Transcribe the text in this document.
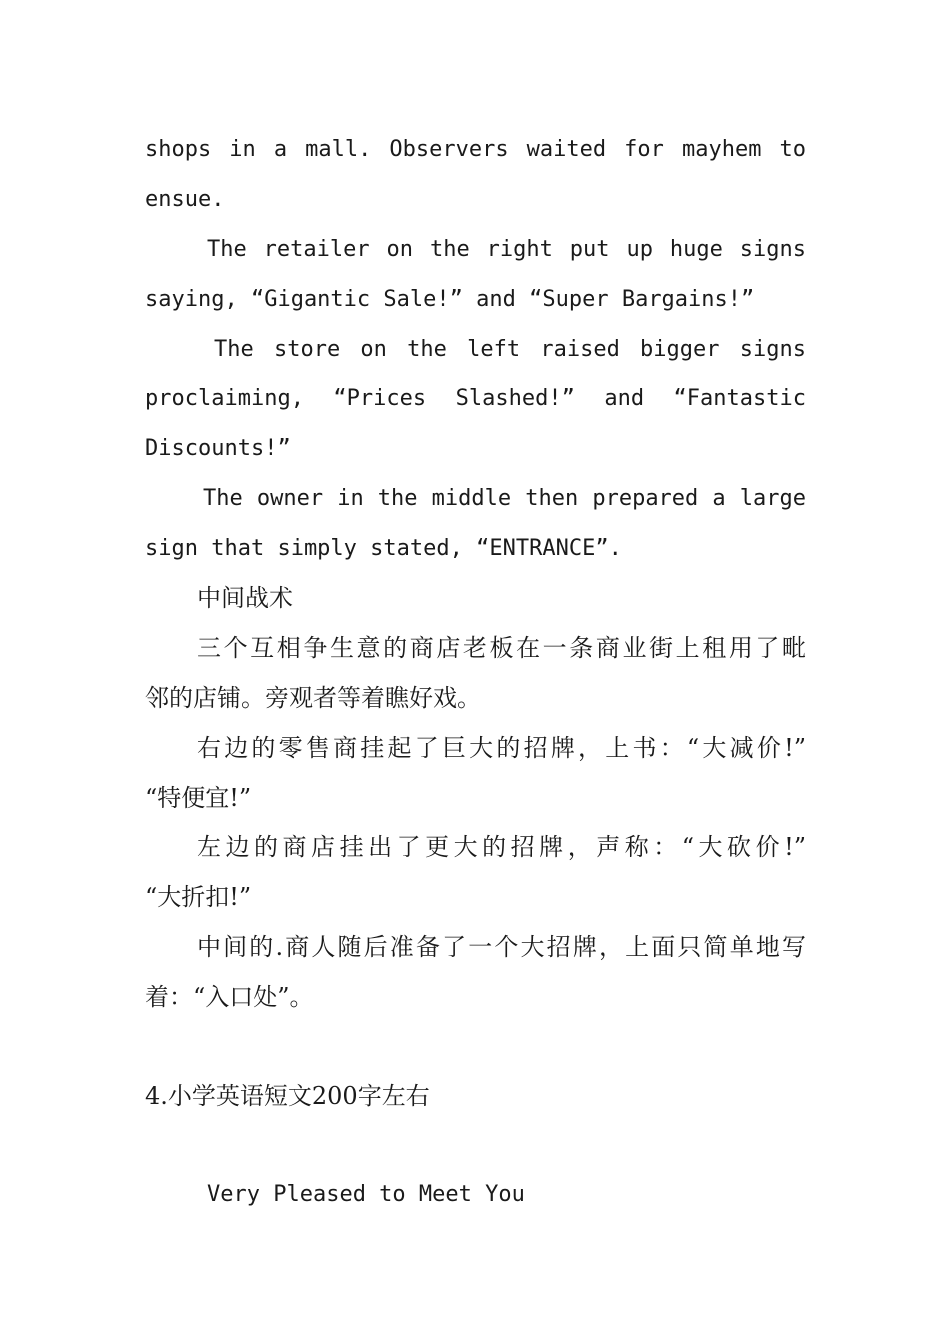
shops in a mall. Observers waited for mayhem to
ensue.
The retailer on the right put up huge signs
saying, “Gigantic Sale!” and “Super Bargains!”
The store on the left raised bigger signs
proclaiming, “Prices Slashed!” and “Fantastic
Discounts!”
The owner in the middle then prepared a large
sign that simply stated, “ENTRANCE”.
中间战术
三个互相争生意的商店老板在一条商业街上租用了毗
邻的店铺。旁观者等着瞧好戏。
右边的零售商挂起了巨大的招牌，上书：“大减价!”
“特便宜!”
左边的商店挂出了更大的招牌，声称：“大砍价!”
“大折扣!”
中间的.商人随后准备了一个大招牌，上面只简单地写
着：“入口处”。
4.小学英语短文200字左右
Very Pleased to Meet You
